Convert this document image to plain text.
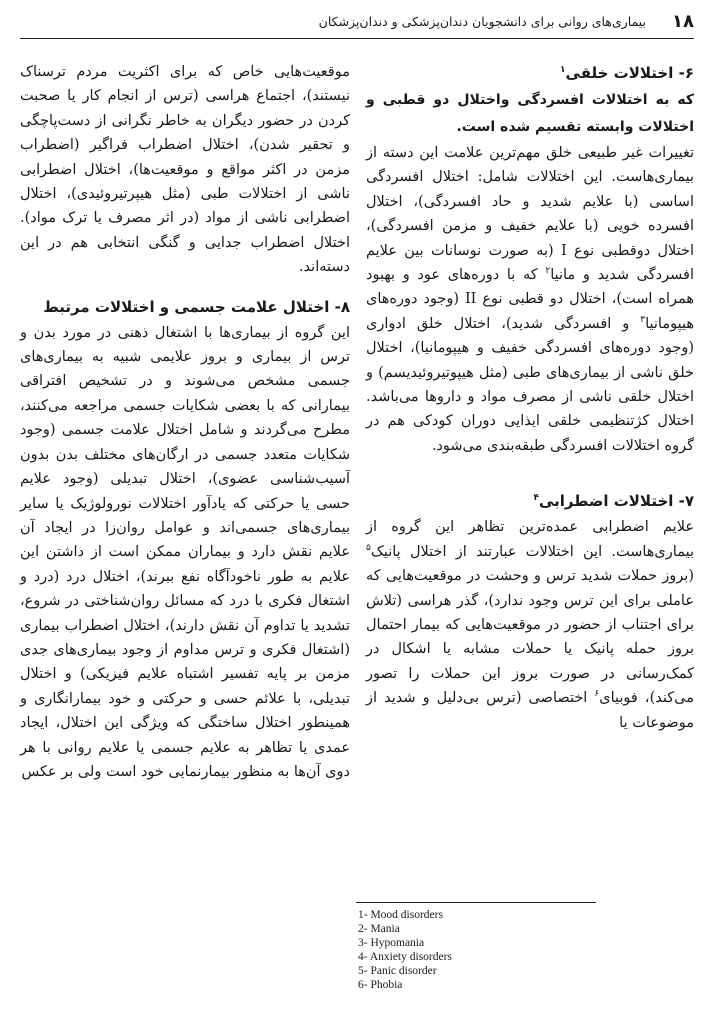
۱۸
بیماری‌های روانی برای دانشجویان دندان‌پزشکی و دندان‌پزشکان
۶- اختلالات خلقی$^۱$

که به اختلالات افسردگی واختلال دو قطبی و اختلالات وابسته تقسیم شده است.

تغییرات غیر طبیعی خلق مهم‌ترین علامت این دسته از بیماری‌هاست. این اختلالات شامل: اختلال افسردگی اساسی (با علایم شدید و حاد افسردگی)، اختلال افسرده خویی (با علایم خفیف و مزمن افسردگی)، اختلال دوقطبی نوع I (به صورت نوسانات بین علایم افسردگی شدید و مانیا$^۲$ که با دوره‌های عود و بهبود همراه است)، اختلال دو قطبی نوع II (وجود دوره‌های هیپومانیا$^۳$ و افسردگی شدید)، اختلال خلق ادواری (وجود دوره‌های افسردگی خفیف و هیپومانیا)، اختلال خلق ناشی از بیماری‌های طبی (مثل هیپوتیروئیدیسم) و اختلال خلقی ناشی از مصرف مواد و داروها می‌باشد. اختلال کژتنظیمی خلقی ایذایی دوران کودکی هم در گروه اختلالات افسردگی طبقه‌بندی می‌شود.

۷- اختلالات اضطرابی$^۴$

علایم اضطرابی عمده‌ترین تظاهر این گروه از بیماری‌هاست. این اختلالات عبارتند از اختلال پانیک$^۵$ (بروز حملات شدید ترس و وحشت در موقعیت‌هایی که عاملی برای این ترس وجود ندارد)، گذر هراسی (تلاش برای اجتناب از حضور در موقعیت‌هایی که بیمار احتمال بروز حمله پانیک یا حملات مشابه یا اشکال در کمک‌رسانی در صورت بروز این حملات را تصور می‌کند)، فوبیای$^۶$ اختصاصی (ترس بی‌دلیل و شدید از موضوعات یا

موقعیت‌هایی خاص که برای اکثریت مردم ترسناک نیستند)، اجتماع هراسی (ترس از انجام کار یا صحبت کردن در حضور دیگران به خاطر نگرانی از دست‌پاچگی و تحقیر شدن)، اختلال اضطراب فراگیر (اضطراب مزمن در اکثر مواقع و موقعیت‌ها)، اختلال اضطرابی ناشی از اختلالات طبی (مثل هیپرتیروئیدی)، اختلال اضطرابی ناشی از مواد (در اثر مصرف یا ترک مواد). اختلال اضطراب جدایی و گنگی انتخابی هم در این دسته‌اند.

۸- اختلال علامت جسمی و اختلالات مرتبط

این گروه از بیماری‌ها با اشتغال ذهنی در مورد بدن و ترس از بیماری و بروز علایمی شبیه به بیماری‌های جسمی مشخص می‌شوند و در تشخیص افتراقی بیمارانی که با بعضی شکایات جسمی مراجعه می‌کنند، مطرح می‌گردند و شامل اختلال علامت جسمی (وجود شکایات متعدد جسمی در ارگان‌های مختلف بدن بدون آسیب‌شناسی عضوی)، اختلال تبدیلی (وجود علایم حسی یا حرکتی که یادآور اختلالات نورولوژیک یا سایر بیماری‌های جسمی‌اند و عوامل روان‌زا در ایجاد آن علایم نقش دارد و بیماران ممکن است از داشتن این علایم به طور ناخودآگاه نفع ببرند)، اختلال درد (درد و اشتغال فکری با درد که مسائل روان‌شناختی در شروع، تشدید یا تداوم آن نقش دارند)، اختلال اضطراب بیماری (اشتغال فکری و ترس مداوم از وجود بیماری‌های جدی مزمن بر پایه تفسیر اشتباه علایم فیزیکی) و اختلال تبدیلی، با علائم حسی و حرکتی و خود بیمارانگاری و همینطور اختلال ساختگی که ویژگی این اختلال، ایجاد عمدی یا تظاهر به علایم جسمی یا علایم روانی با هر دوی آن‌ها به منظور بیمارنمایی خود است ولی بر عکس

1- Mood disorders
2- Mania
3- Hypomania
4- Anxiety disorders
5- Panic disorder
6- Phobia
